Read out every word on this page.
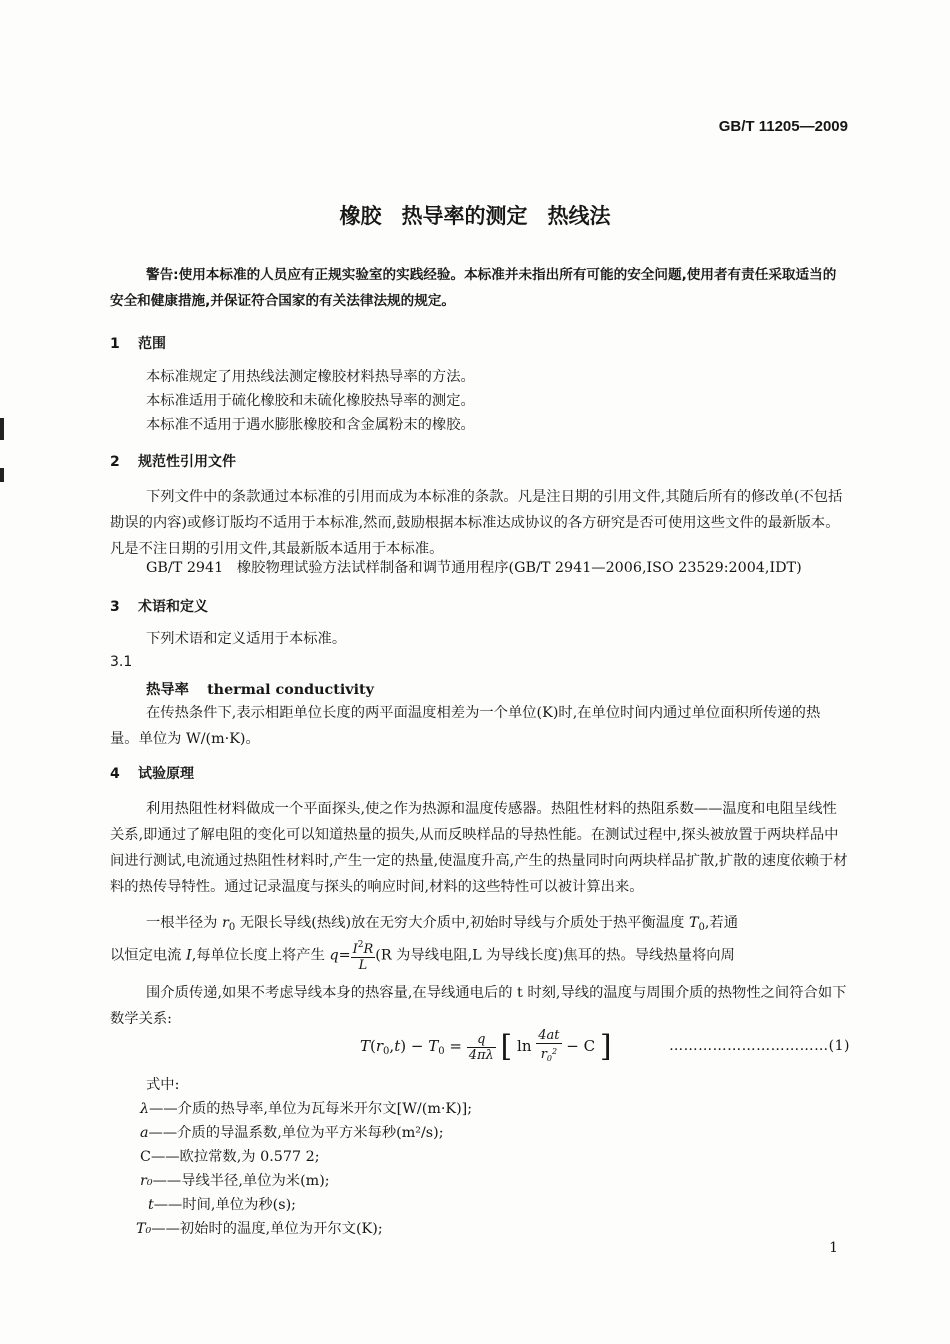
GB/T 11205—2009
橡胶 热导率的测定 热线法
警告:使用本标准的人员应有正规实验室的实践经验。本标准并未指出所有可能的安全问题,使用者有责任采取适当的安全和健康措施,并保证符合国家的有关法律法规的规定。
1 范围
本标准规定了用热线法测定橡胶材料热导率的方法。
本标准适用于硫化橡胶和未硫化橡胶热导率的测定。
本标准不适用于遇水膨胀橡胶和含金属粉末的橡胶。
2 规范性引用文件
下列文件中的条款通过本标准的引用而成为本标准的条款。凡是注日期的引用文件,其随后所有的修改单(不包括勘误的内容)或修订版均不适用于本标准,然而,鼓励根据本标准达成协议的各方研究是否可使用这些文件的最新版本。凡是不注日期的引用文件,其最新版本适用于本标准。
GB/T 2941 橡胶物理试验方法试样制备和调节通用程序(GB/T 2941—2006,ISO 23529:2004,IDT)
3 术语和定义
下列术语和定义适用于本标准。
3.1
热导率 thermal conductivity
在传热条件下,表示相距单位长度的两平面温度相差为一个单位(K)时,在单位时间内通过单位面积所传递的热量。单位为 W/(m·K)。
4 试验原理
利用热阻性材料做成一个平面探头,使之作为热源和温度传感器。热阻性材料的热阻系数——温度和电阻呈线性关系,即通过了解电阻的变化可以知道热量的损失,从而反映样品的导热性能。在测试过程中,探头被放置于两块样品中间进行测试,电流通过热阻性材料时,产生一定的热量,使温度升高,产生的热量同时向两块样品扩散,扩散的速度依赖于材料的热传导特性。通过记录温度与探头的响应时间,材料的这些特性可以被计算出来。
一根半径为 $r_0$ 无限长导线(热线)放在无穷大介质中,初始时导线与介质处于热平衡温度 $T_0$,若通
以恒定电流 I,每单位长度上将产生 $q= \frac{I^2R}{L} (R$ 为导线电阻,L 为导线长度)焦耳的热。导线热量将向周
围介质传递,如果不考虑导线本身的热容量,在导线通电后的 t 时刻,导线的温度与周围介质的热物性之间符合如下数学关系:
$T(r_0,t) - T_0 = \frac{q}{4\pi\lambda}$ [ $\ln \frac{4at}{r_0^2} - C$ ]	……………………………(1)
式中:
λ——介质的热导率,单位为瓦每米开尔文[W/(m·K)];
a——介质的导温系数,单位为平方米每秒(m²/s);
C——欧拉常数,为 0.577 2;
r₀——导线半径,单位为米(m);
t——时间,单位为秒(s);
T₀——初始时的温度,单位为开尔文(K);
1
